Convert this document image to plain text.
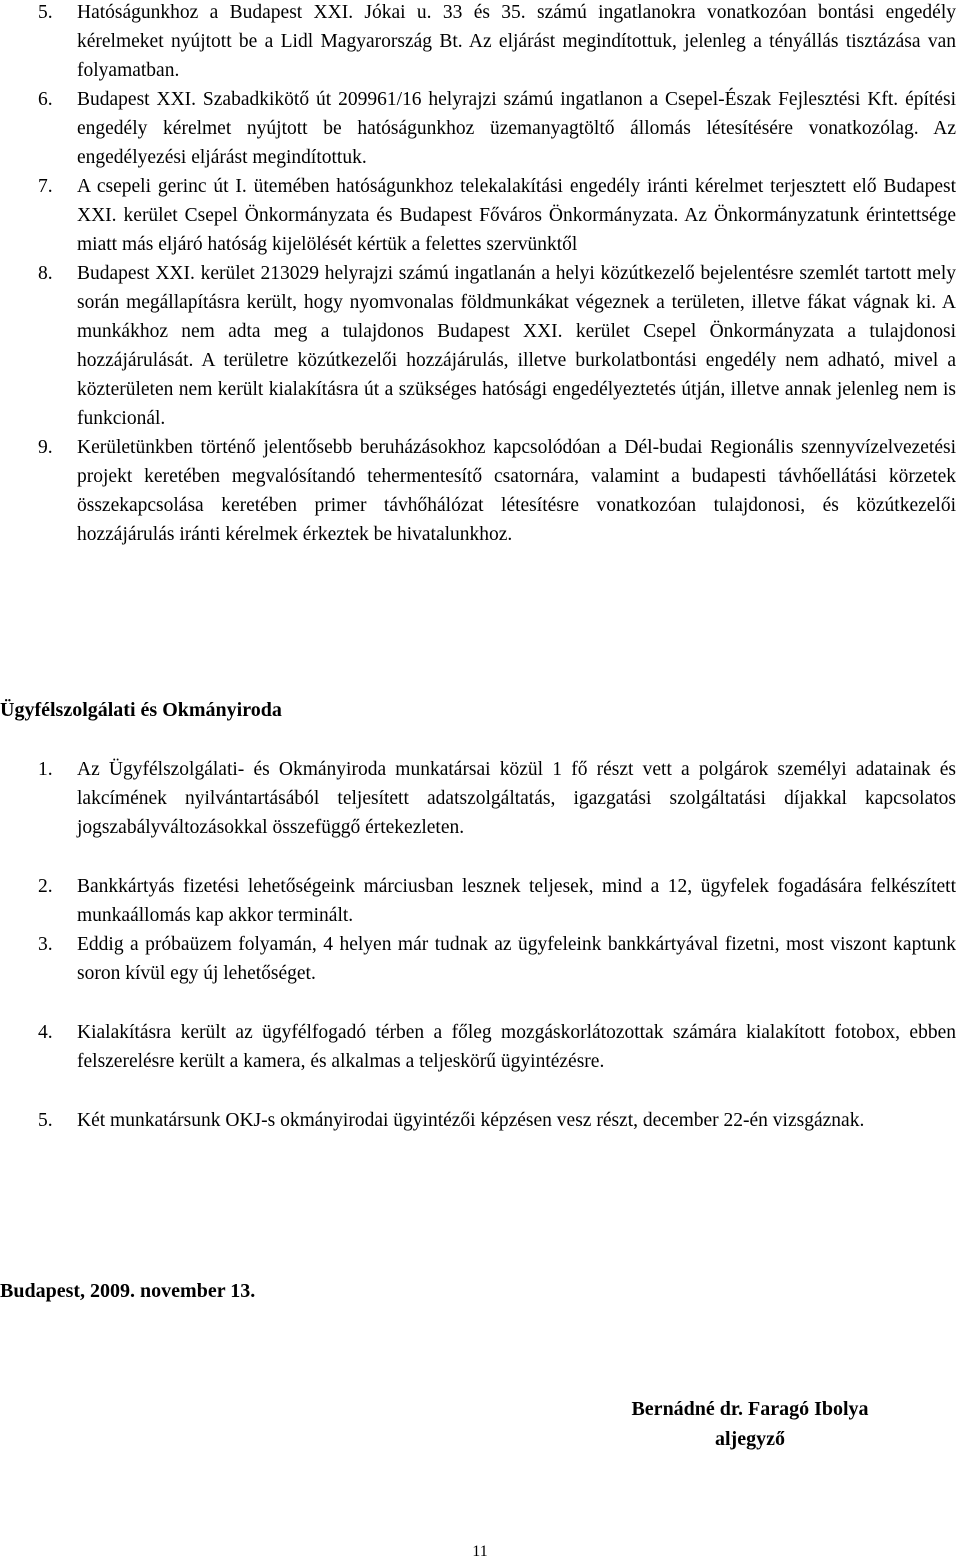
5. Hatóságunkhoz a Budapest XXI. Jókai u. 33 és 35. számú ingatlanokra vonatkozóan bontási engedély kérelmeket nyújtott be a Lidl Magyarország Bt. Az eljárást megindítottuk, jelenleg a tényállás tisztázása van folyamatban.
6. Budapest XXI. Szabadkikötő út 209961/16 helyrajzi számú ingatlanon a Csepel-Észak Fejlesztési Kft. építési engedély kérelmet nyújtott be hatóságunkhoz üzemanyagtöltő állomás létesítésére vonatkozólag. Az engedélyezési eljárást megindítottuk.
7. A csepeli gerinc út I. ütemében hatóságunkhoz telekalakítási engedély iránti kérelmet terjesztett elő Budapest XXI. kerület Csepel Önkormányzata és Budapest Főváros Önkormányzata. Az Önkormányzatunk érintettsége miatt más eljáró hatóság kijelölését kértük a felettes szervünktől
8. Budapest XXI. kerület 213029 helyrajzi számú ingatlanán a helyi közútkezelő bejelentésre szemlét tartott mely során megállapításra került, hogy nyomvonalas földmunkákat végeznek a területen, illetve fákat vágnak ki. A munkákhoz nem adta meg a tulajdonos Budapest XXI. kerület Csepel Önkormányzata a tulajdonosi hozzájárulását. A területre közútkezelői hozzájárulás, illetve burkolatbontási engedély nem adható, mivel a közterületen nem került kialakításra út a szükséges hatósági engedélyeztetés útján, illetve annak jelenleg nem is funkcionál.
9. Kerületünkben történő jelentősebb beruházásokhoz kapcsolódóan a Dél-budai Regionális szennyvízelvezetési projekt keretében megvalósítandó tehermentesítő csatornára, valamint a budapesti távhőellátási körzetek összekapcsolása keretében primer távhőhálózat létesítésre vonatkozóan tulajdonosi, és közútkezelői hozzájárulás iránti kérelmek érkeztek be hivatalunkhoz.
Ügyfélszolgálati és Okmányiroda
1. Az Ügyfélszolgálati- és Okmányiroda munkatársai közül 1 fő részt vett a polgárok személyi adatainak és lakcímének nyilvántartásából teljesített adatszolgáltatás, igazgatási szolgáltatási díjakkal kapcsolatos jogszabályváltozásokkal összefüggő értekezleten.
2. Bankkártyás fizetési lehetőségeink márciusban lesznek teljesek, mind a 12, ügyfelek fogadására felkészített munkaállomás kap akkor terminált.
3. Eddig a próbaüzem folyamán, 4 helyen már tudnak az ügyfeleink bankkártyával fizetni, most viszont kaptunk soron kívül egy új lehetőséget.
4. Kialakításra került az ügyfélfogadó térben a főleg mozgáskorlátozottak számára kialakított fotobox, ebben felszerelésre került a kamera, és alkalmas a teljeskörű ügyintézésre.
5. Két munkatársunk OKJ-s okmányirodai ügyintézői képzésen vesz részt, december 22-én vizsgáznak.
Budapest, 2009. november 13.
Bernádné dr. Faragó Ibolya
aljegyző
11
